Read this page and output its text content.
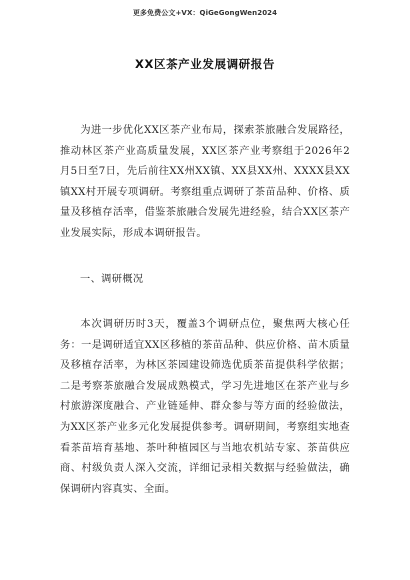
更多免费公文+VX：QiGeGongWen2024
XX区茶产业发展调研报告

为进一步优化XX区茶产业布局，探索茶旅融合发展路径，推动林区茶产业高质量发展，XX区茶产业考察组于2026年2月5日至7日，先后前往XX州XX镇、XX县XX州、XXXX县XX镇XX村开展专项调研。考察组重点调研了茶苗品种、价格、质量及移植存活率，借鉴茶旅融合发展先进经验，结合XX区茶产业发展实际，形成本调研报告。

一、调研概况

本次调研历时3天，覆盖3个调研点位，聚焦两大核心任务：一是调研适宜XX区移植的茶苗品种、供应价格、苗木质量及移植存活率，为林区茶园建设筛选优质茶苗提供科学依据；二是考察茶旅融合发展成熟模式，学习先进地区在茶产业与乡村旅游深度融合、产业链延伸、群众参与等方面的经验做法，为XX区茶产业多元化发展提供参考。调研期间，考察组实地查看茶苗培育基地、茶叶种植园区与当地农机站专家、茶苗供应商、村级负责人深入交流，详细记录相关数据与经验做法，确保调研内容真实、全面。
